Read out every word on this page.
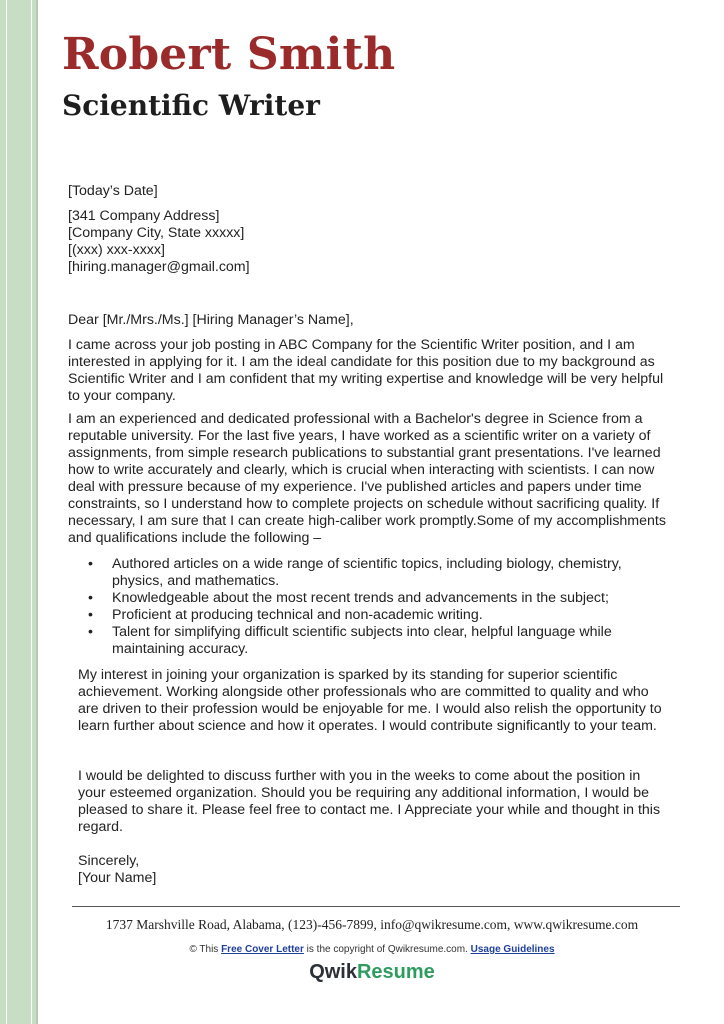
Robert Smith
Scientific Writer

[Today’s Date]

[341 Company Address]

[Company City, State xxxxx]

[(xxx) xxx-xxxx]

[hiring.manager@gmail.com]

Dear [Mr./Mrs./Ms.] [Hiring Manager’s Name],

I came across your job posting in ABC Company for the Scientific Writer position, and I am interested in applying for it. I am the ideal candidate for this position due to my background as Scientific Writer and I am confident that my writing expertise and knowledge will be very helpful to your company.

I am an experienced and dedicated professional with a Bachelor's degree in Science from a reputable university. For the last five years, I have worked as a scientific writer on a variety of assignments, from simple research publications to substantial grant presentations. I've learned how to write accurately and clearly, which is crucial when interacting with scientists. I can now deal with pressure because of my experience. I've published articles and papers under time constraints, so I understand how to complete projects on schedule without sacrificing quality. If necessary, I am sure that I can create high-caliber work promptly.Some of my accomplishments and qualifications include the following –

• Authored articles on a wide range of scientific topics, including biology, chemistry, physics, and mathematics.
• Knowledgeable about the most recent trends and advancements in the subject;
• Proficient at producing technical and non-academic writing.
• Talent for simplifying difficult scientific subjects into clear, helpful language while maintaining accuracy.

My interest in joining your organization is sparked by its standing for superior scientific achievement. Working alongside other professionals who are committed to quality and who are driven to their profession would be enjoyable for me. I would also relish the opportunity to learn further about science and how it operates. I would contribute significantly to your team.

I would be delighted to discuss further with you in the weeks to come about the position in your esteemed organization. Should you be requiring any additional information, I would be pleased to share it. Please feel free to contact me. I Appreciate your while and thought in this regard.

Sincerely,

[Your Name]

1737 Marshville Road, Alabama, (123)-456-7899, info@qwikresume.com, www.qwikresume.com
© This Free Cover Letter is the copyright of Qwikresume.com. Usage Guidelines
QwikResume
